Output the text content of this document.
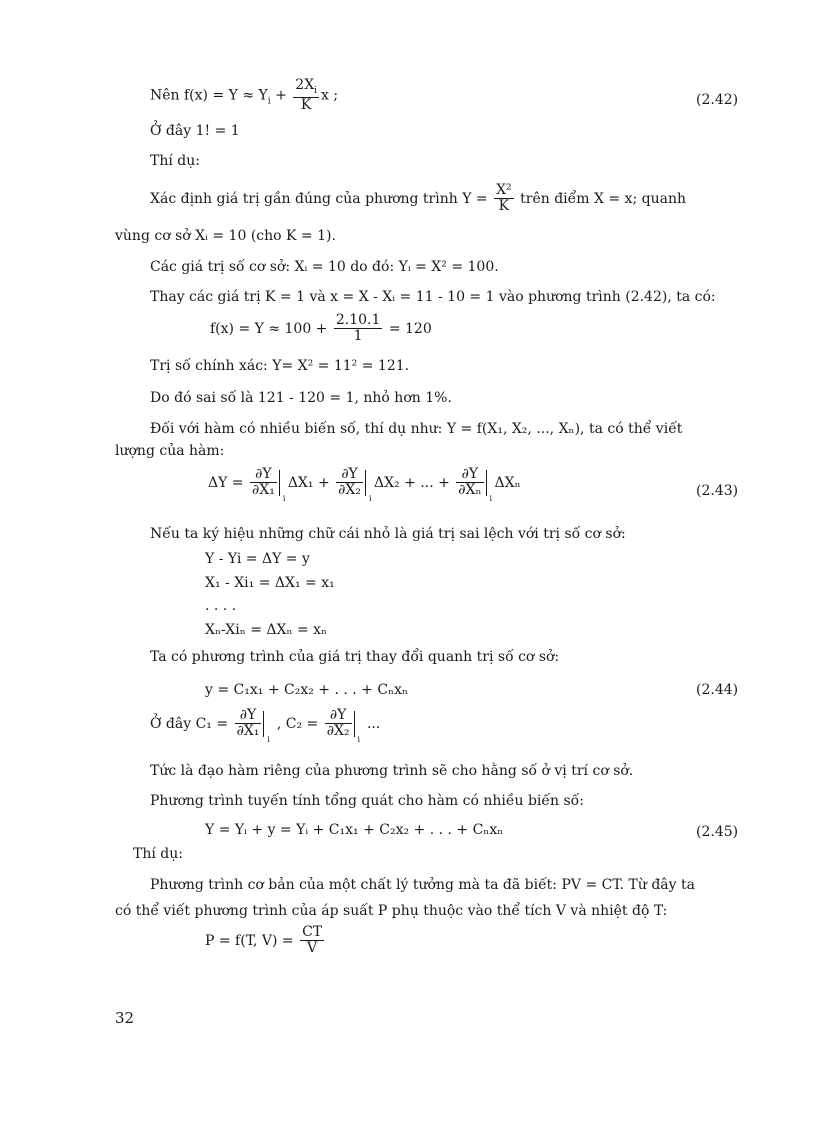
Nên $f(x) = Y \approx Y_i + \frac{2X_i}{K}$ x ;	(2.42)
Ở đây 1! = 1
Thí dụ:
Xác định giá trị gần đúng của phương trình $Y = \frac{\text{X²}}{K}$ trên điểm X = x; quanh
vùng cơ sở Xᵢ = 10 (cho K = 1).
Các giá trị số cơ sở: Xᵢ = 10 do đó: Yᵢ = X² = 100.
Thay các giá trị K = 1 và x = X - Xᵢ = 11 - 10 = 1 vào phương trình (2.42), ta có:
$f(x) = Y \approx 100 + \frac{2.10.1}{1} = 120$
Trị số chính xác: Y= X² = 11² = 121.
Do đó sai số là 121 - 120 = 1, nhỏ hơn 1%.
Đối với hàm có nhiều biến số, thí dụ như: Y = f(X₁, X₂, ..., Xₙ), ta có thể viết
lượng của hàm:
$\Delta Y = \frac{\partial Y}{\text{∂X₁}}$
i
$\Delta X_1 + \frac{\partial Y}{\text{∂X₂}}$
i
ΔX₂ + ... + $\frac{\partial Y}{\text{∂Xₙ}}$
i
ΔXₙ
(2.43)
Nếu ta ký hiệu những chữ cái nhỏ là giá trị sai lệch với trị số cơ sở:
Y - Yi = ΔY = y
X₁ - Xi₁ = ΔX₁ = x₁
. . . .
Xₙ-Xiₙ = ΔXₙ = xₙ
Ta có phương trình của giá trị thay đổi quanh trị số cơ sở:
y = C₁x₁ + C₂x₂ + . . . + Cₙxₙ	(2.44)
Ở đây $C_1 = \frac{\partial Y}{\text{∂X₁}}$
i
, $C_2 = \frac{\partial Y}{\text{∂X₂}}$
i
...
Tức là đạo hàm riêng của phương trình sẽ cho hằng số ở vị trí cơ sở.
Phương trình tuyến tính tổng quát cho hàm có nhiều biến số:
Y = Yᵢ + y = Yᵢ + C₁x₁ + C₂x₂ + . . . + Cₙxₙ	(2.45)
Thí dụ:
Phương trình cơ bản của một chất lý tưởng mà ta đã biết: PV = CT. Từ đây ta
có thể viết phương trình của áp suất P phụ thuộc vào thể tích V và nhiệt độ T:
P = f(T, $V) = \frac{CT}{V}$
32
